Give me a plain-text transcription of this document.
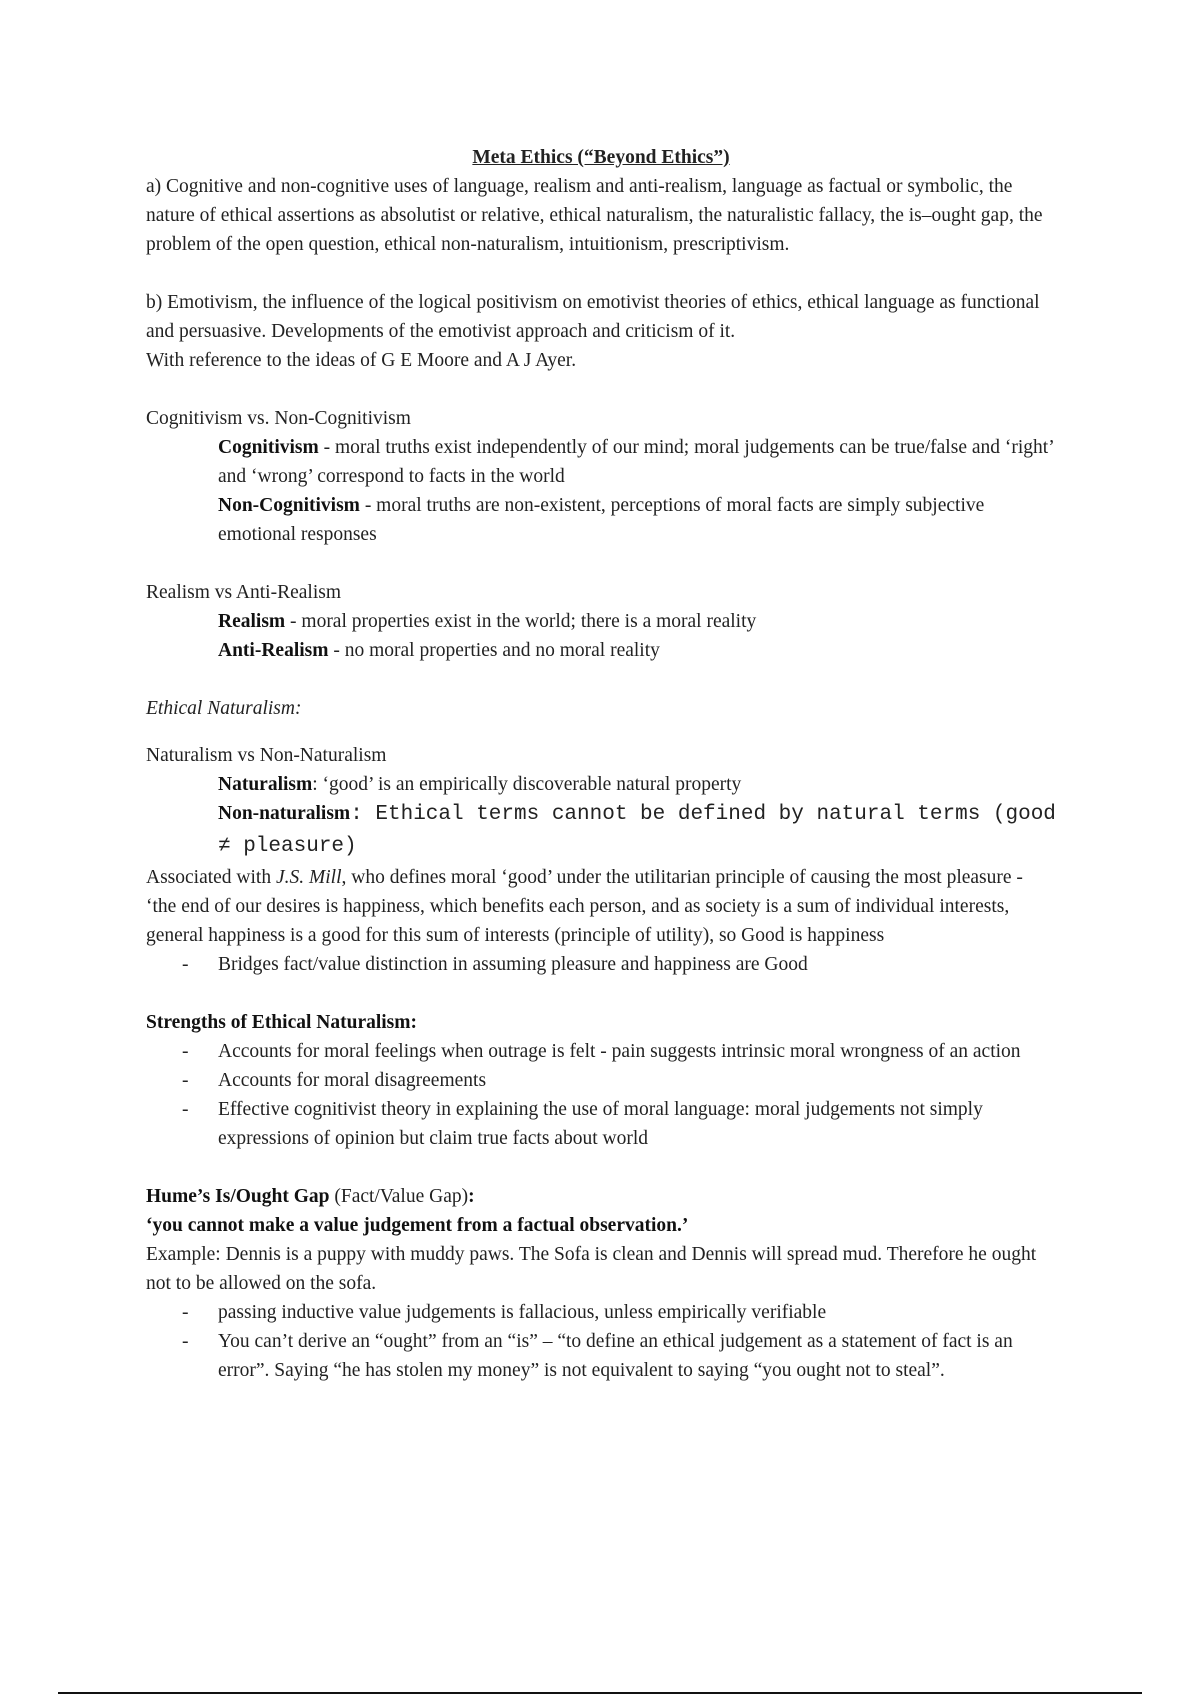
Meta Ethics (“Beyond Ethics”)

a) Cognitive and non-cognitive uses of language, realism and anti-realism, language as factual or symbolic, the nature of ethical assertions as absolutist or relative, ethical naturalism, the naturalistic fallacy, the is–ought gap, the problem of the open question, ethical non-naturalism, intuitionism, prescriptivism.

b) Emotivism, the influence of the logical positivism on emotivist theories of ethics, ethical language as functional and persuasive. Developments of the emotivist approach and criticism of it.

With reference to the ideas of G E Moore and A J Ayer.

Cognitivism vs. Non-Cognitivism

Cognitivism - moral truths exist independently of our mind; moral judgements can be true/false and ‘right’ and ‘wrong’ correspond to facts in the world

Non-Cognitivism - moral truths are non-existent, perceptions of moral facts are simply subjective emotional responses

Realism vs Anti-Realism

Realism - moral properties exist in the world; there is a moral reality

Anti-Realism - no moral properties and no moral reality

Ethical Naturalism:

Naturalism vs Non-Naturalism

Naturalism: ‘good’ is an empirically discoverable natural property

Non-naturalism: Ethical terms cannot be defined by natural terms (good ≠ pleasure)

Associated with J.S. Mill, who defines moral ‘good’ under the utilitarian principle of causing the most pleasure - ‘the end of our desires is happiness, which benefits each person, and as society is a sum of individual interests, general happiness is a good for this sum of interests (principle of utility), so Good is happiness

- Bridges fact/value distinction in assuming pleasure and happiness are Good

Strengths of Ethical Naturalism:

- Accounts for moral feelings when outrage is felt - pain suggests intrinsic moral wrongness of an action
- Accounts for moral disagreements
- Effective cognitivist theory in explaining the use of moral language: moral judgements not simply expressions of opinion but claim true facts about world

Hume’s Is/Ought Gap (Fact/Value Gap):

‘you cannot make a value judgement from a factual observation.’

Example: Dennis is a puppy with muddy paws. The Sofa is clean and Dennis will spread mud. Therefore he ought not to be allowed on the sofa.

- passing inductive value judgements is fallacious, unless empirically verifiable
- You can’t derive an “ought” from an “is” – “to define an ethical judgement as a statement of fact is an error”. Saying “he has stolen my money” is not equivalent to saying “you ought not to steal”.
